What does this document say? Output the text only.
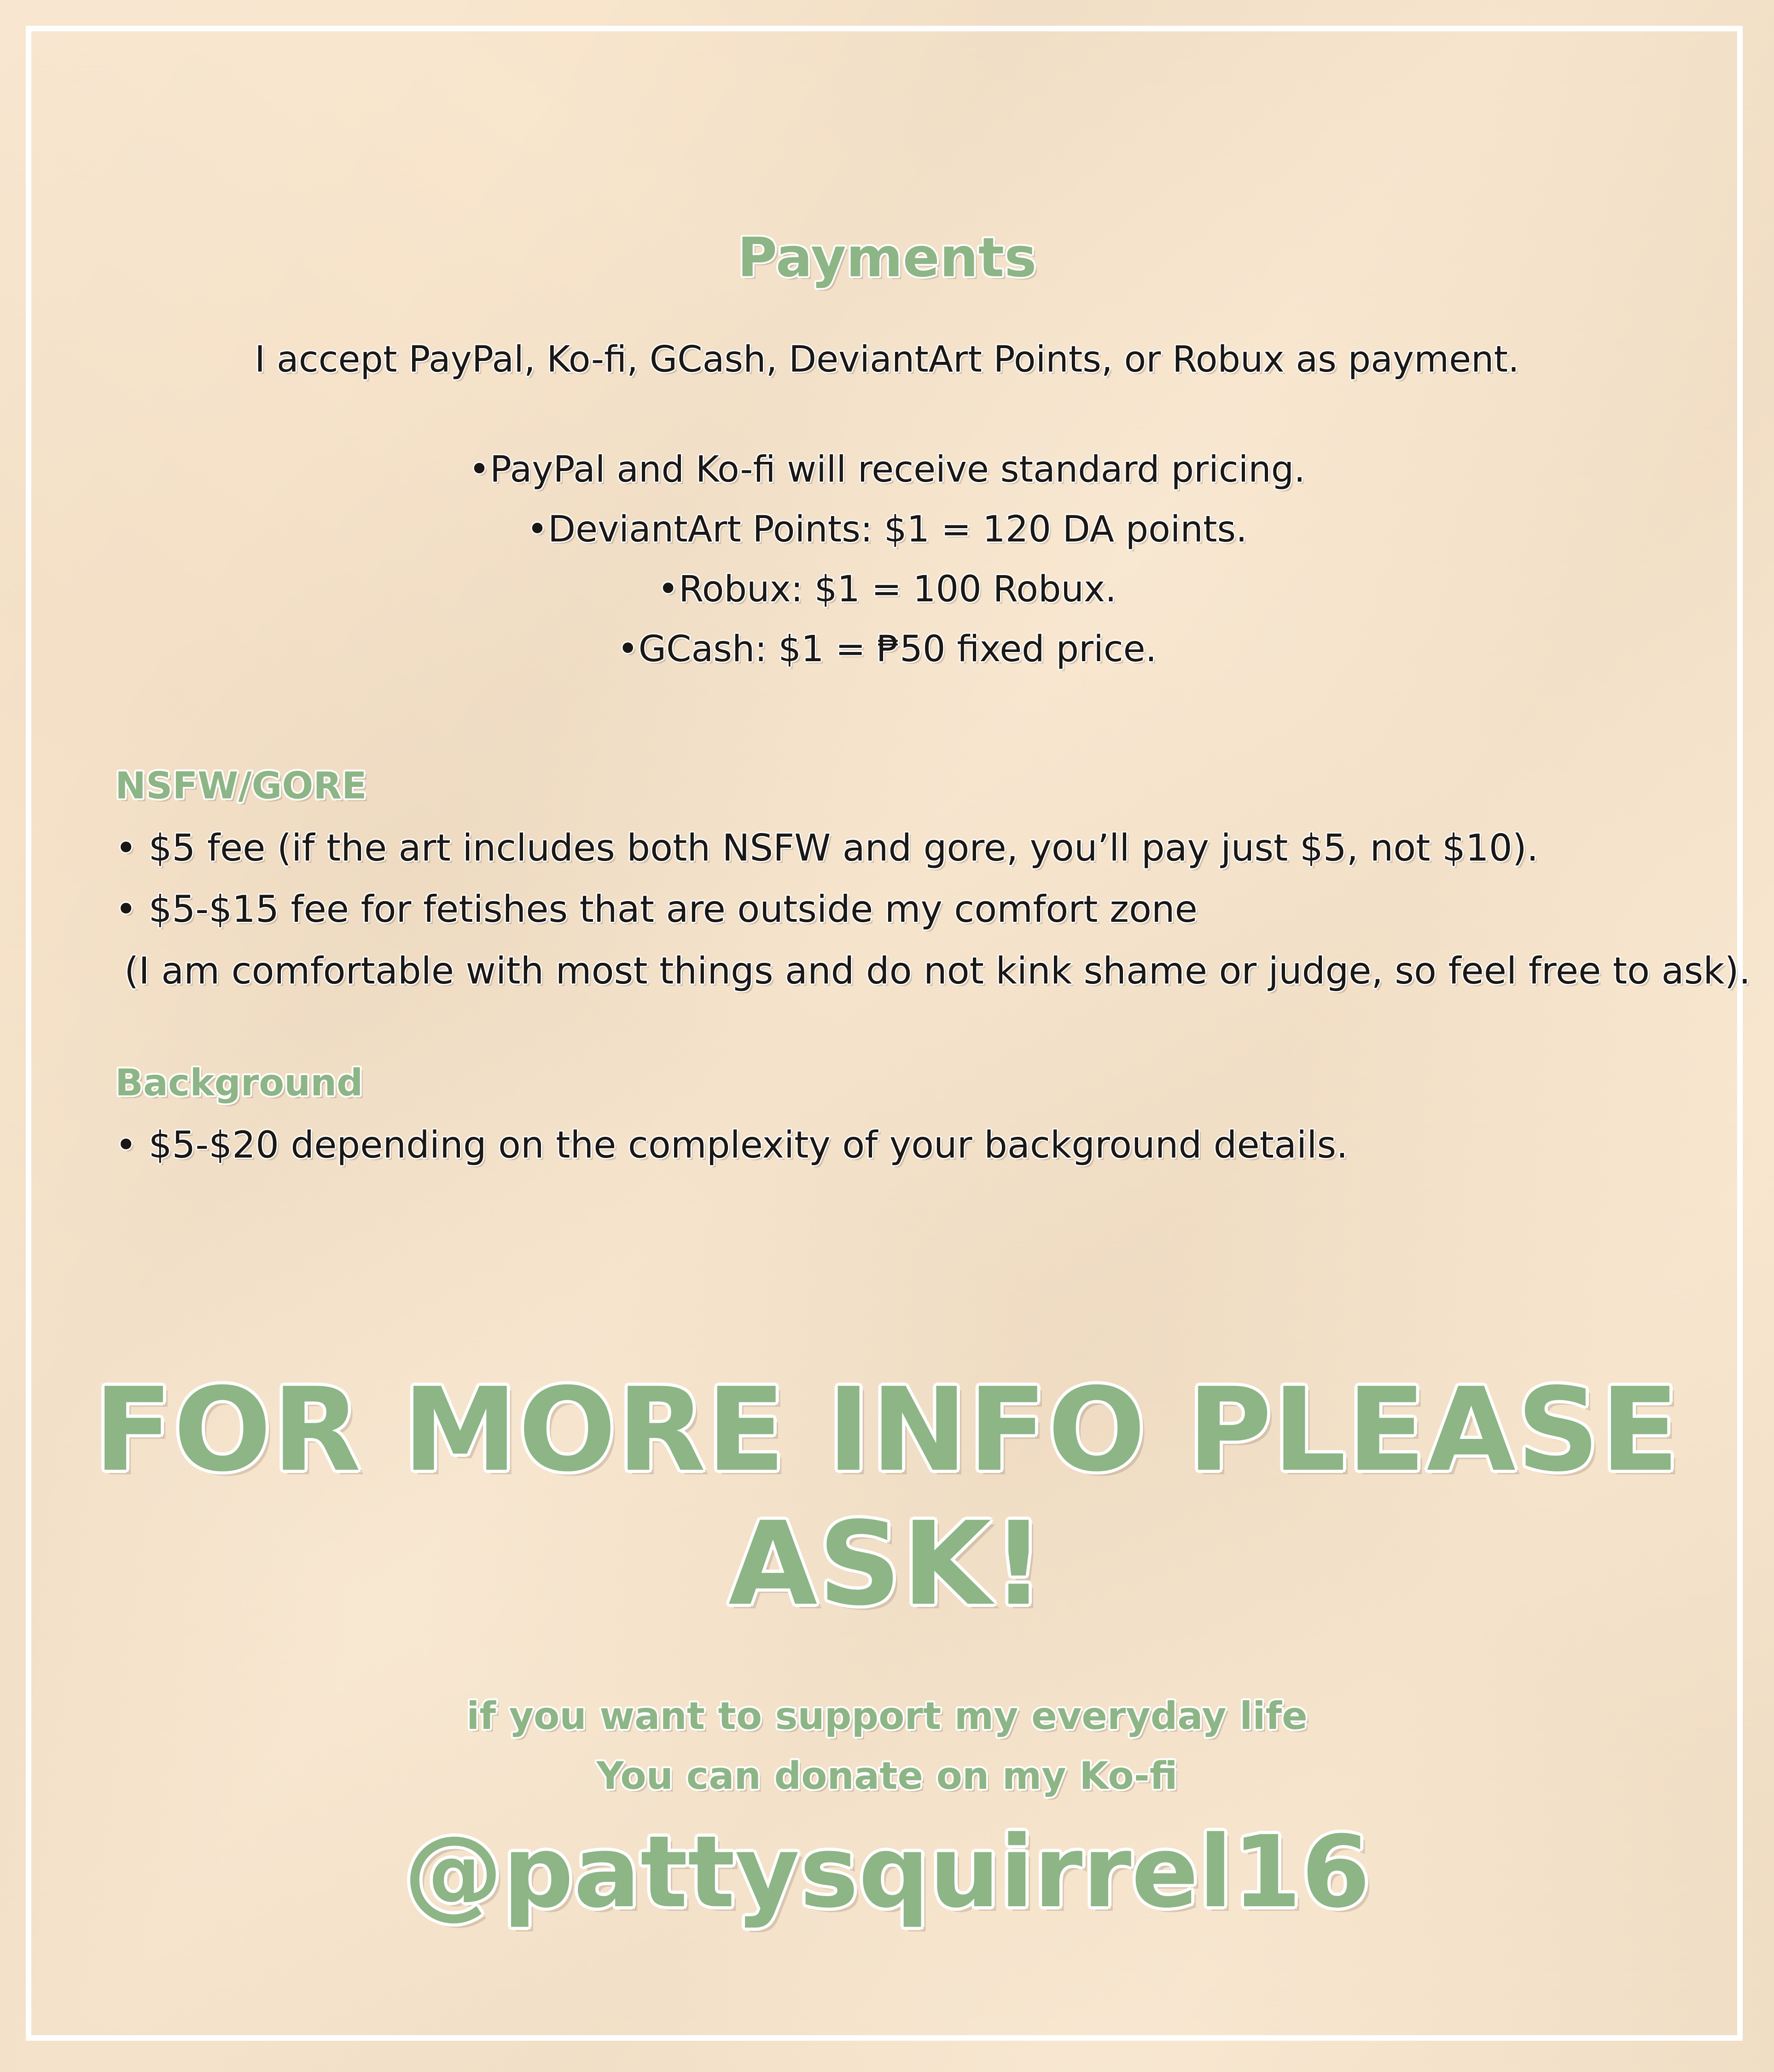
Payments
I accept PayPal, Ko-fi, GCash, DeviantArt Points, or Robux as payment.
•PayPal and Ko-fi will receive standard pricing.
•DeviantArt Points: $1 = 120 DA points.
•Robux: $1 = 100 Robux.
•GCash: $1 = ₱50 fixed price.
NSFW/GORE
• $5 fee (if the art includes both NSFW and gore, you’ll pay just $5, not $10).
• $5-$15 fee for fetishes that are outside my comfort zone
(I am comfortable with most things and do not kink shame or judge, so feel free to ask).
Background
• $5-$20 depending on the complexity of your background details.
FOR MORE INFO PLEASE ASK!
if you want to support my everyday life
You can donate on my Ko-fi
@pattysquirrel16
